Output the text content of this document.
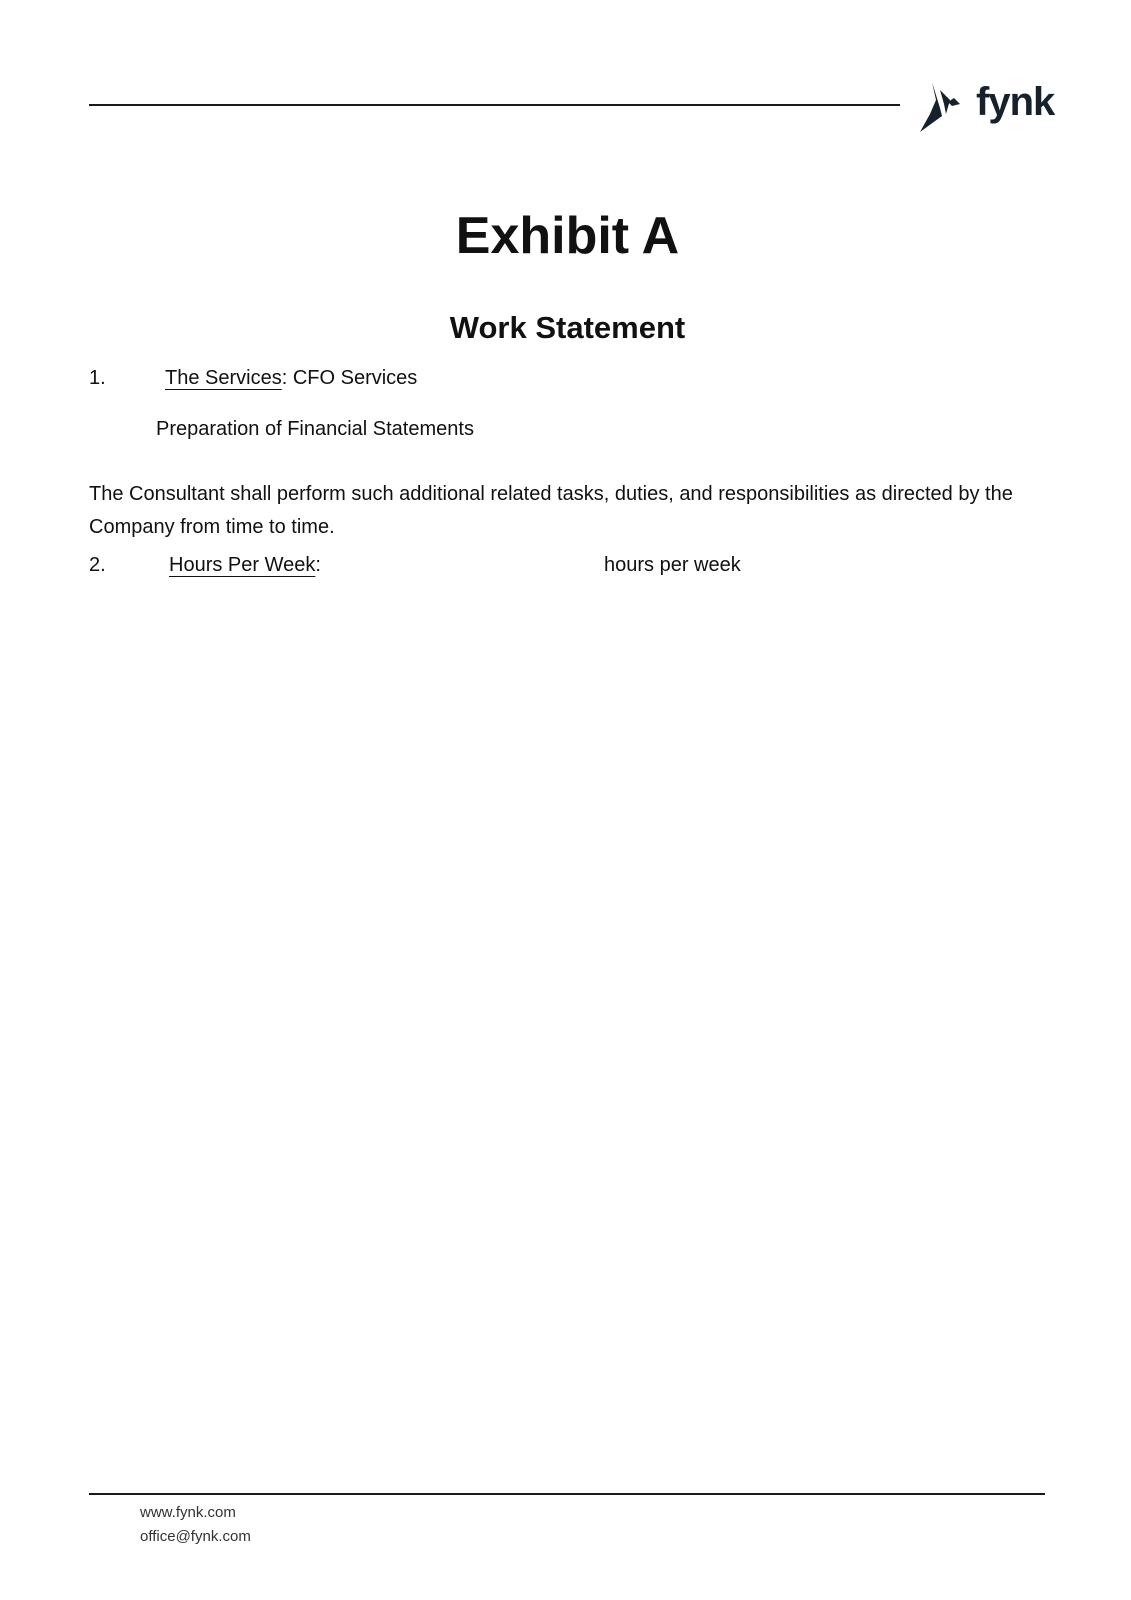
fynk
Exhibit A
Work Statement
1.	The Services: CFO Services
Preparation of Financial Statements

The Consultant shall perform such additional related tasks, duties, and responsibilities as directed by the Company from time to time.

2.	Hours Per Week:	hours per week
www.fynk.com
office@fynk.com
